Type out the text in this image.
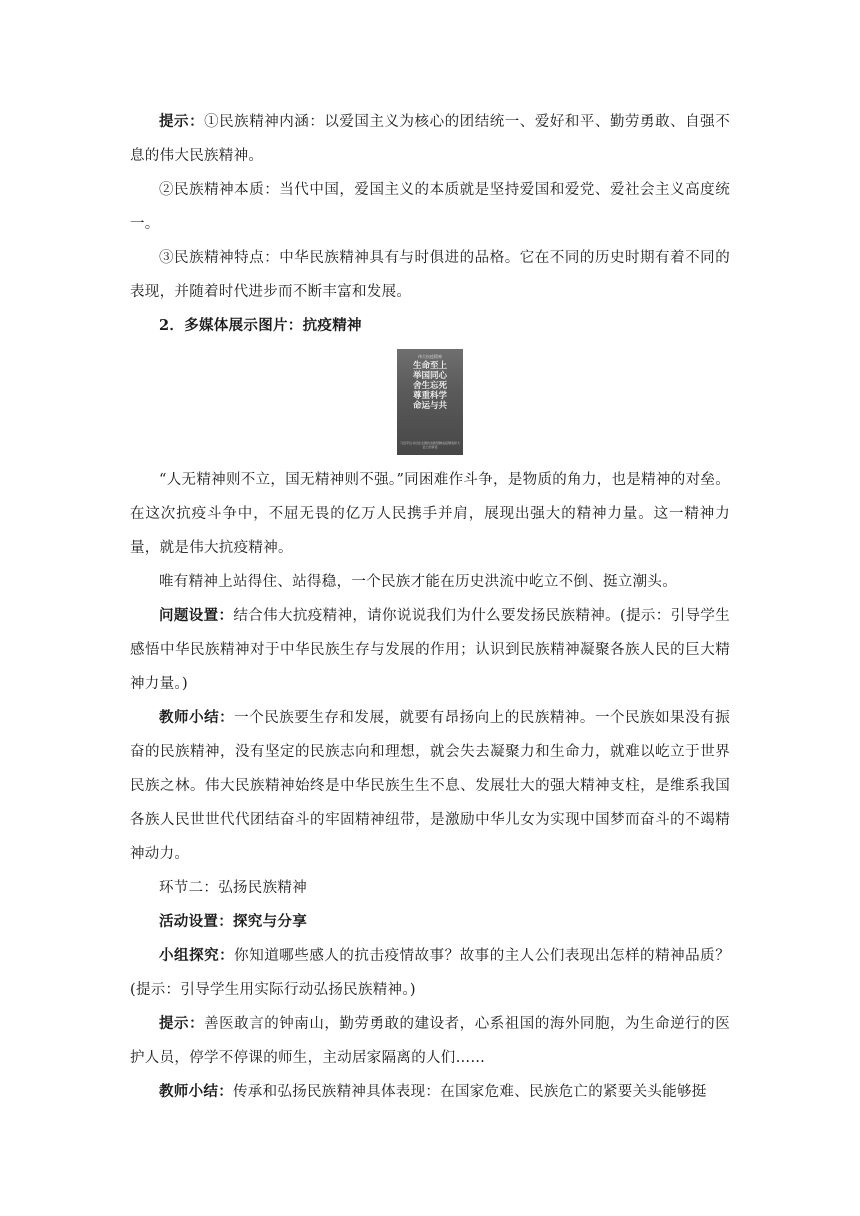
提示：①民族精神内涵：以爱国主义为核心的团结统一、爱好和平、勤劳勇敢、自强不息的伟大民族精神。

②民族精神本质：当代中国，爱国主义的本质就是坚持爱国和爱党、爱社会主义高度统一。

③民族精神特点：中华民族精神具有与时俱进的品格。它在不同的历史时期有着不同的表现，并随着时代进步而不断丰富和发展。

2．多媒体展示图片：抗疫精神

伟大抗疫精神
生命至上
举国同心
舍生忘死
尊重科学
命运与共
习近平总书记在全国抗击新冠肺炎疫情表彰大会上的讲话

“人无精神则不立，国无精神则不强。”同困难作斗争，是物质的角力，也是精神的对垒。在这次抗疫斗争中，不屈无畏的亿万人民携手并肩，展现出强大的精神力量。这一精神力量，就是伟大抗疫精神。

唯有精神上站得住、站得稳，一个民族才能在历史洪流中屹立不倒、挺立潮头。

问题设置：结合伟大抗疫精神，请你说说我们为什么要发扬民族精神。(提示：引导学生感悟中华民族精神对于中华民族生存与发展的作用；认识到民族精神凝聚各族人民的巨大精神力量。)

教师小结：一个民族要生存和发展，就要有昂扬向上的民族精神。一个民族如果没有振奋的民族精神，没有坚定的民族志向和理想，就会失去凝聚力和生命力，就难以屹立于世界民族之林。伟大民族精神始终是中华民族生生不息、发展壮大的强大精神支柱，是维系我国各族人民世世代代团结奋斗的牢固精神纽带，是激励中华儿女为实现中国梦而奋斗的不竭精神动力。

环节二：弘扬民族精神

活动设置：探究与分享

小组探究：你知道哪些感人的抗击疫情故事？故事的主人公们表现出怎样的精神品质？(提示：引导学生用实际行动弘扬民族精神。)

提示：善医敢言的钟南山，勤劳勇敢的建设者，心系祖国的海外同胞，为生命逆行的医护人员，停学不停课的师生，主动居家隔离的人们……

教师小结：传承和弘扬民族精神具体表现：在国家危难、民族危亡的紧要关头能够挺
